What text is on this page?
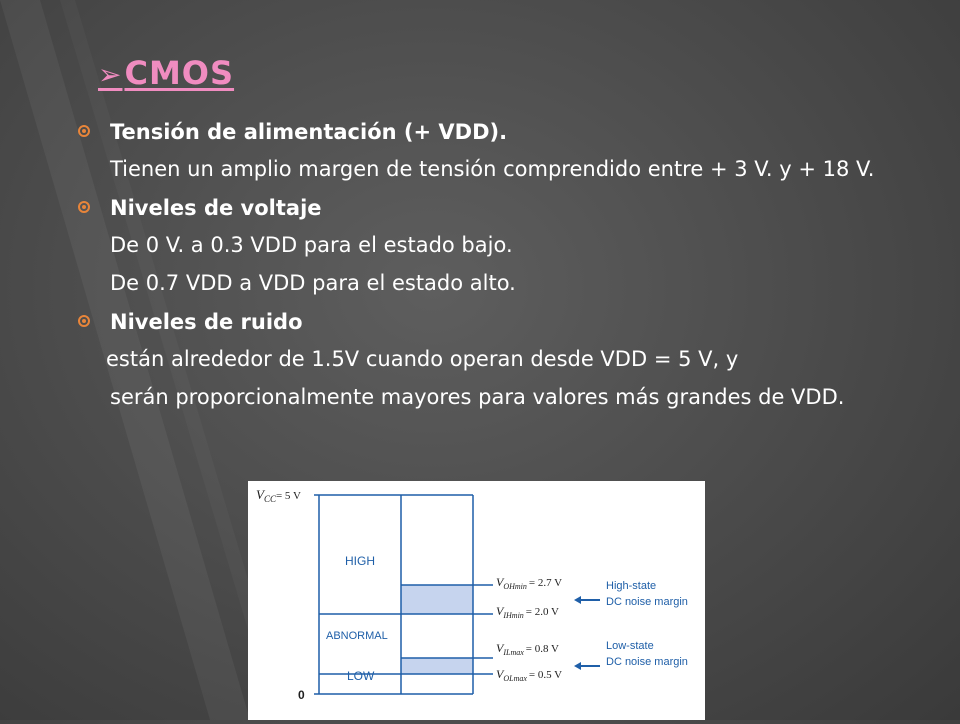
➢CMOS
Tensión de alimentación (+ VDD).
Tienen un amplio margen de tensión comprendido entre + 3 V. y + 18 V.
Niveles de voltaje
De 0 V. a 0.3 VDD para el estado bajo.
De 0.7 VDD a VDD para el estado alto.
Niveles de ruido
están alrededor de 1.5V cuando operan desde VDD = 5 V, y
serán proporcionalmente mayores para valores más grandes de VDD.
$V_{CC}^{= 5 V}$
0
HIGH
ABNORMAL
LOW
$V_{OHmin} = 2.7$ V
$V_{IHmin} = 2.0$ V
$V_{ILmax} = 0.8$ V
$V_{OLmax} = 0.5$ V
High-state
DC noise margin
Low-state
DC noise margin
